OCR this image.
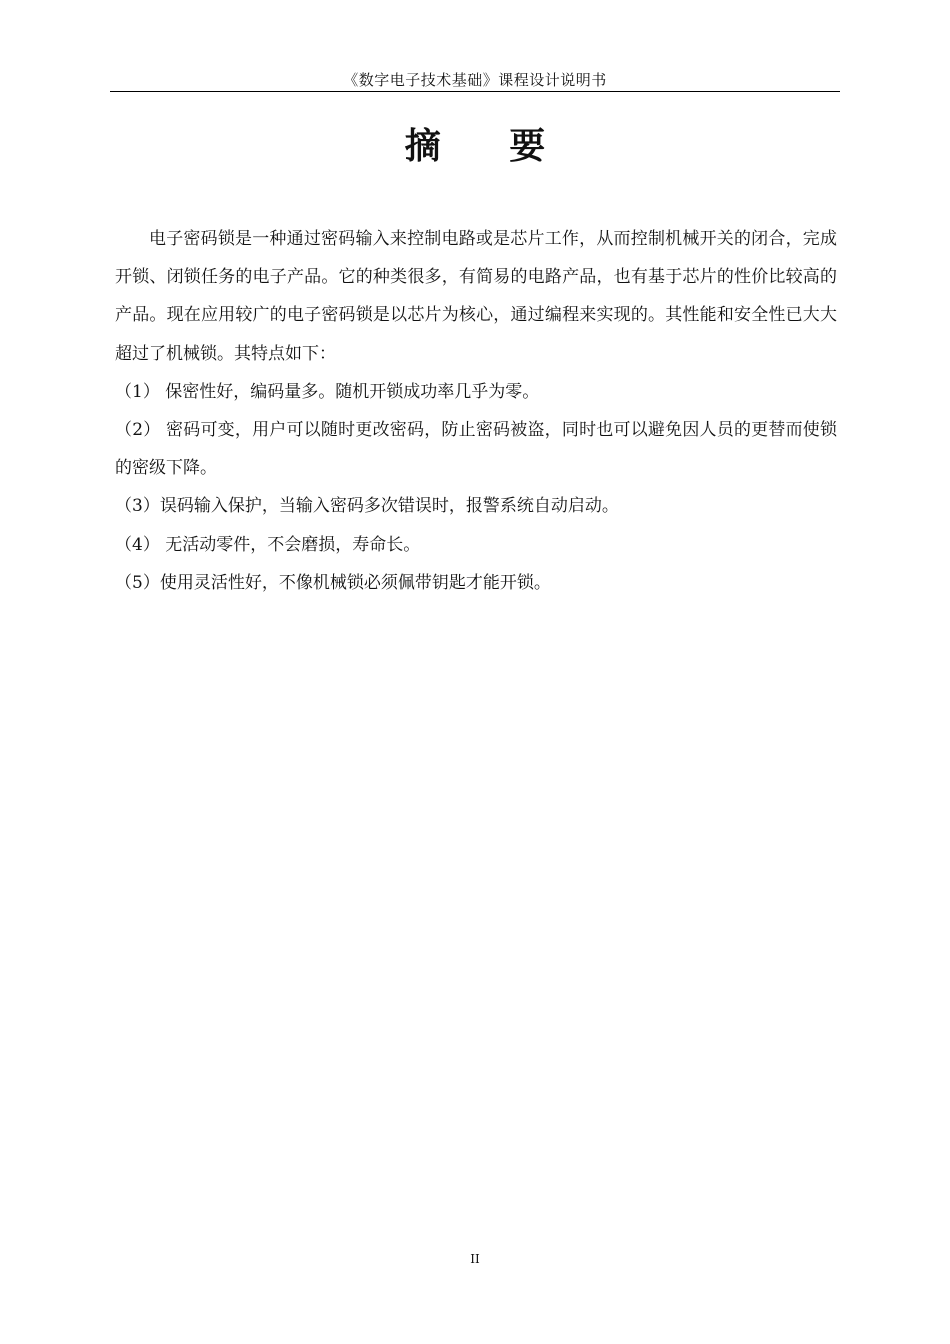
《数字电子技术基础》课程设计说明书
摘 要

电子密码锁是一种通过密码输入来控制电路或是芯片工作，从而控制机械开关的闭合，完成开锁、闭锁任务的电子产品。它的种类很多，有简易的电路产品，也有基于芯片的性价比较高的产品。现在应用较广的电子密码锁是以芯片为核心，通过编程来实现的。其性能和安全性已大大超过了机械锁。其特点如下：

（1） 保密性好，编码量多。随机开锁成功率几乎为零。

（2） 密码可变，用户可以随时更改密码，防止密码被盗，同时也可以避免因人员的更替而使锁的密级下降。

（3）误码输入保护，当输入密码多次错误时，报警系统自动启动。

（4） 无活动零件，不会磨损，寿命长。

（5）使用灵活性好，不像机械锁必须佩带钥匙才能开锁。

II
